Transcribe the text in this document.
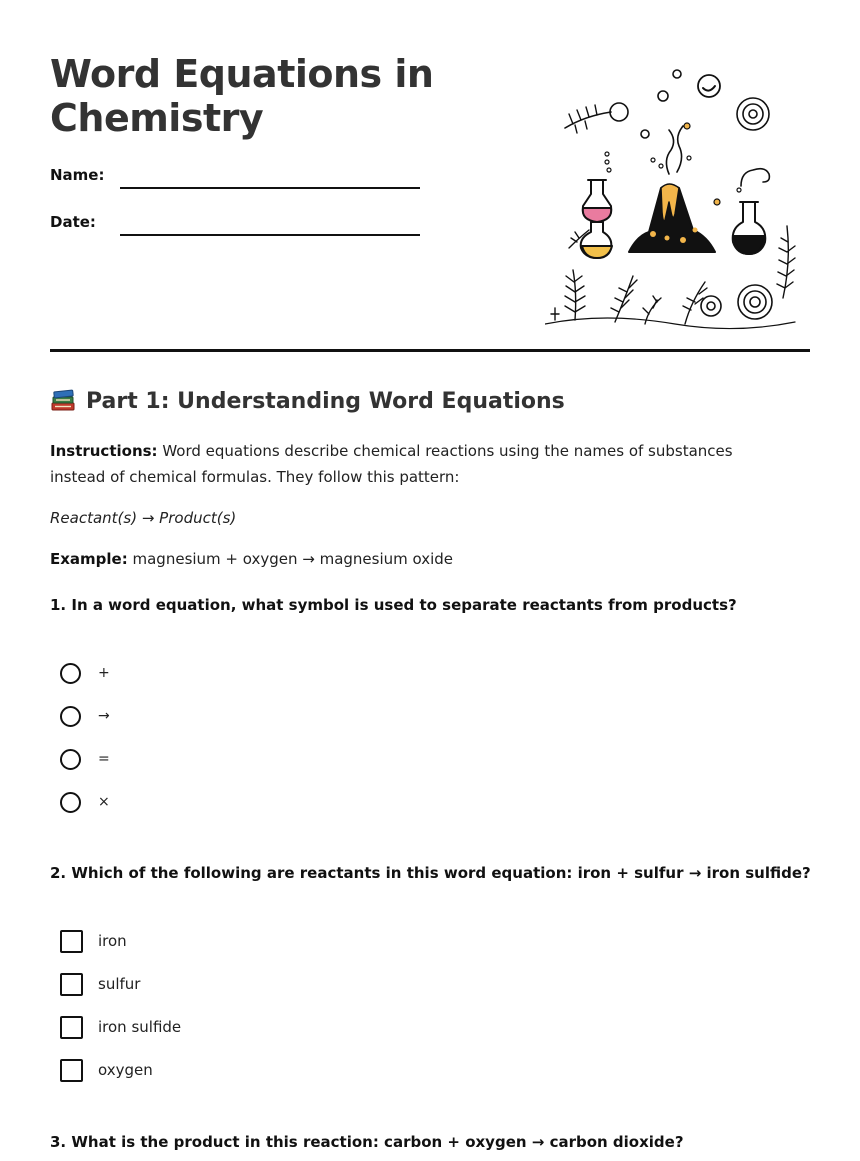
Word Equations in Chemistry
Name:
Date:
Part 1: Understanding Word Equations

Instructions: Word equations describe chemical reactions using the names of substances instead of chemical formulas. They follow this pattern:

Reactant(s) → Product(s)

Example: magnesium + oxygen → magnesium oxide

1. In a word equation, what symbol is used to separate reactants from products?

+
→
=
×

2. Which of the following are reactants in this word equation: iron + sulfur → iron sulfide?

iron
sulfur
iron sulfide
oxygen

3. What is the product in this reaction: carbon + oxygen → carbon dioxide?
